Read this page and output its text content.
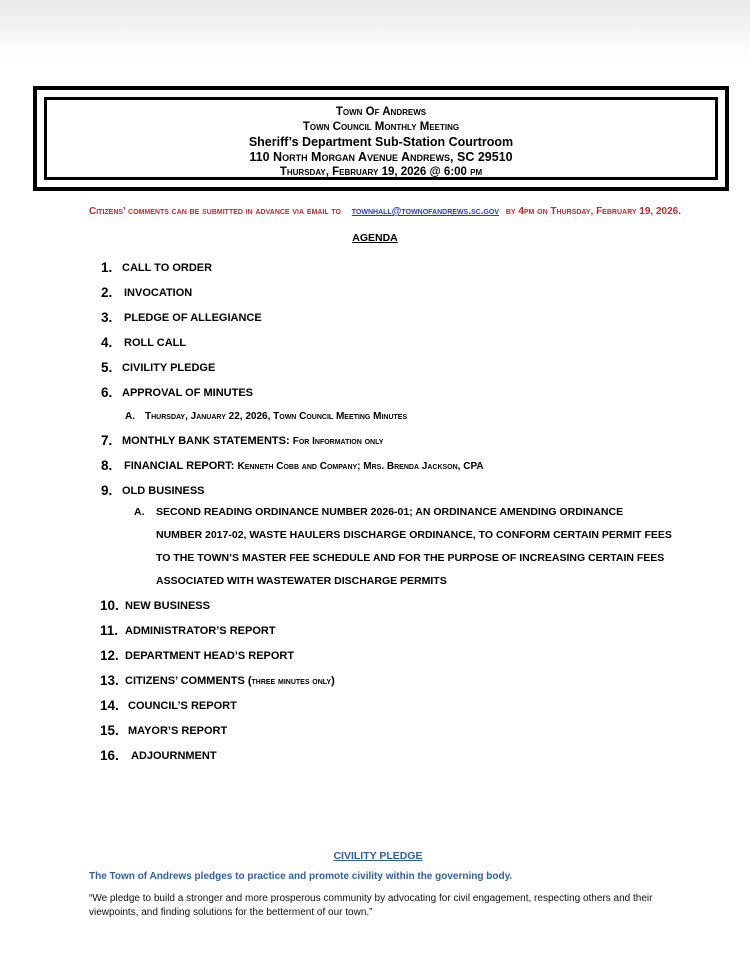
Town Of Andrews
Town Council Monthly Meeting
Sheriff’s Department Sub-Station Courtroom
110 North Morgan Avenue Andrews, SC 29510
Thursday, February 19, 2026 @ 6:00 pm
Citizens’ comments can be submitted in advance via email to townhall@townofandrews.sc.gov by 4pm on Thursday, February 19, 2026.
AGENDA
1. CALL TO ORDER
2. INVOCATION
3. PLEDGE OF ALLEGIANCE
4. ROLL CALL
5. CIVILITY PLEDGE
6. APPROVAL OF MINUTES
A. Thursday, January 22, 2026, Town Council Meeting Minutes
7. MONTHLY BANK STATEMENTS: For Information only
8. FINANCIAL REPORT: Kenneth Cobb and Company; Mrs. Brenda Jackson, CPA
9. OLD BUSINESS
A. SECOND READING ORDINANCE NUMBER 2026-01; AN ORDINANCE AMENDING ORDINANCE
NUMBER 2017-02, WASTE HAULERS DISCHARGE ORDINANCE, TO CONFORM CERTAIN PERMIT FEES
TO THE TOWN’S MASTER FEE SCHEDULE AND FOR THE PURPOSE OF INCREASING CERTAIN FEES
ASSOCIATED WITH WASTEWATER DISCHARGE PERMITS
10. NEW BUSINESS
11. ADMINISTRATOR’S REPORT
12. DEPARTMENT HEAD’S REPORT
13. CITIZENS’ COMMENTS (three minutes only)
14. COUNCIL’S REPORT
15. MAYOR’S REPORT
16. ADJOURNMENT
CIVILITY PLEDGE
The Town of Andrews pledges to practice and promote civility within the governing body.
“We pledge to build a stronger and more prosperous community by advocating for civil engagement, respecting others and their viewpoints, and finding solutions for the betterment of our town.”
